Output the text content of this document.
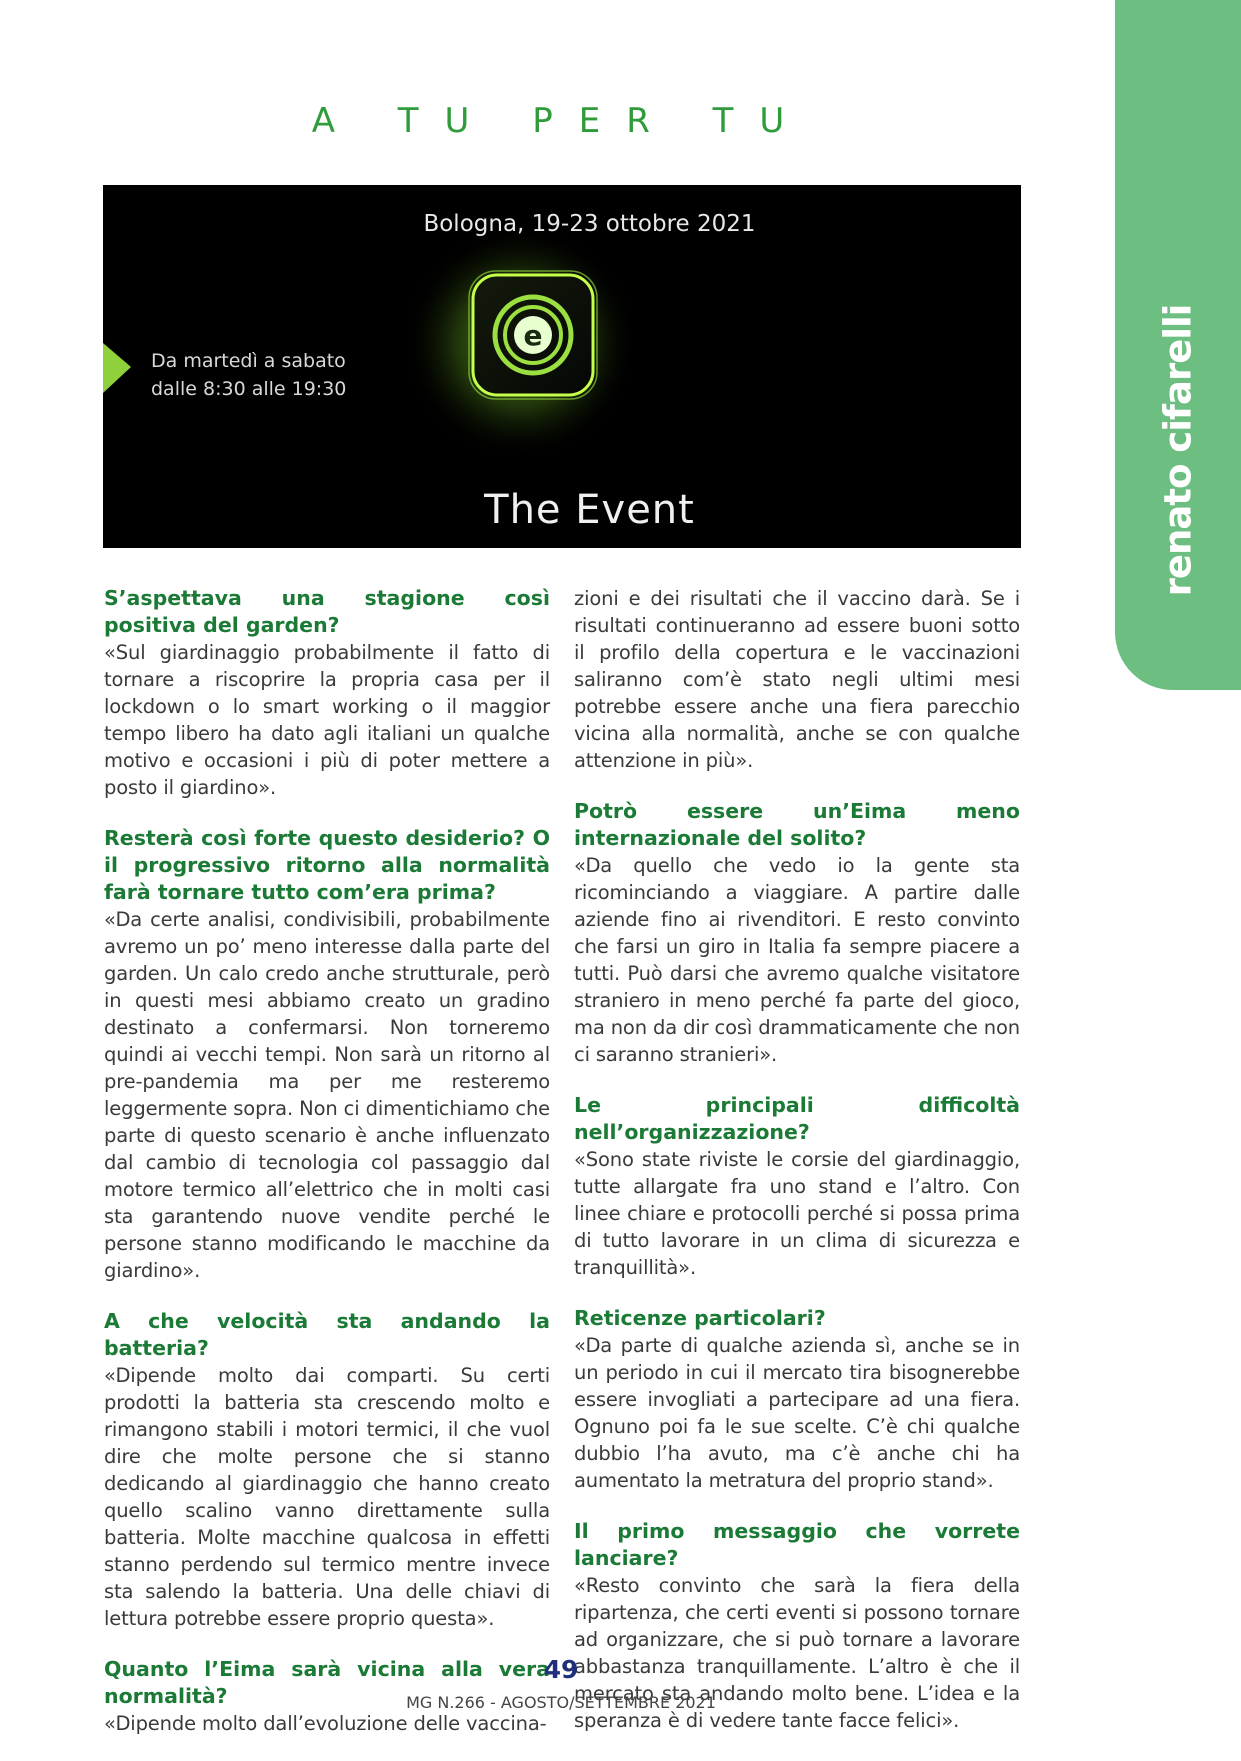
renato cifarelli
A TU PER TU
e
Bologna, 19-23 ottobre 2021
Da martedì a sabato
dalle 8:30 alle 19:30
The Event

S’aspettava una stagione così positiva del garden?

«Sul giardinaggio probabilmente il fatto di tornare a riscoprire la propria casa per il lockdown o lo smart working o il maggior tempo libero ha dato agli italiani un qualche motivo e occasioni i più di poter mettere a posto il giardino».

Resterà così forte questo desiderio? O il progressivo ritorno alla normalità farà tornare tutto com’era prima?

«Da certe analisi, condivisibili, probabilmente avremo un po’ meno interesse dalla parte del garden. Un calo credo anche strutturale, però in questi mesi abbiamo creato un gradino destinato a confermarsi. Non torneremo quindi ai vecchi tempi. Non sarà un ritorno al pre-pandemia ma per me resteremo leggermente sopra. Non ci dimentichiamo che parte di questo scenario è anche influenzato dal cambio di tecnologia col passaggio dal motore termico all’elettrico che in molti casi sta garantendo nuove vendite perché le persone stanno modificando le macchine da giardino».

A che velocità sta andando la batteria?

«Dipende molto dai comparti. Su certi prodotti la batteria sta crescendo molto e rimangono stabili i motori termici, il che vuol dire che molte persone che si stanno dedicando al giardinaggio che hanno creato quello scalino vanno direttamente sulla batteria. Molte macchine qualcosa in effetti stanno perdendo sul termico mentre invece sta salendo la batteria. Una delle chiavi di lettura potrebbe essere proprio questa».

Quanto l’Eima sarà vicina alla vera normalità?

«Dipende molto dall’evoluzione delle vaccina-

zioni e dei risultati che il vaccino darà. Se i risultati continueranno ad essere buoni sotto il profilo della copertura e le vaccinazioni saliranno com’è stato negli ultimi mesi potrebbe essere anche una fiera parecchio vicina alla normalità, anche se con qualche attenzione in più».

Potrò essere un’Eima meno internazionale del solito?

«Da quello che vedo io la gente sta ricominciando a viaggiare. A partire dalle aziende fino ai rivenditori. E resto convinto che farsi un giro in Italia fa sempre piacere a tutti. Può darsi che avremo qualche visitatore straniero in meno perché fa parte del gioco, ma non da dir così drammaticamente che non ci saranno stranieri».

Le principali difficoltà nell’organizzazione?

«Sono state riviste le corsie del giardinaggio, tutte allargate fra uno stand e l’altro. Con linee chiare e protocolli perché si possa prima di tutto lavorare in un clima di sicurezza e tranquillità».

Reticenze particolari?

«Da parte di qualche azienda sì, anche se in un periodo in cui il mercato tira bisognerebbe essere invogliati a partecipare ad una fiera. Ognuno poi fa le sue scelte. C’è chi qualche dubbio l’ha avuto, ma c’è anche chi ha aumentato la metratura del proprio stand».

Il primo messaggio che vorrete lanciare?

«Resto convinto che sarà la fiera della ripartenza, che certi eventi si possono tornare ad organizzare, che si può tornare a lavorare abbastanza tranquillamente. L’altro è che il mercato sta andando molto bene. L’idea e la speranza è di vedere tante facce felici».

49
MG N.266 - AGOSTO/SETTEMBRE 2021
